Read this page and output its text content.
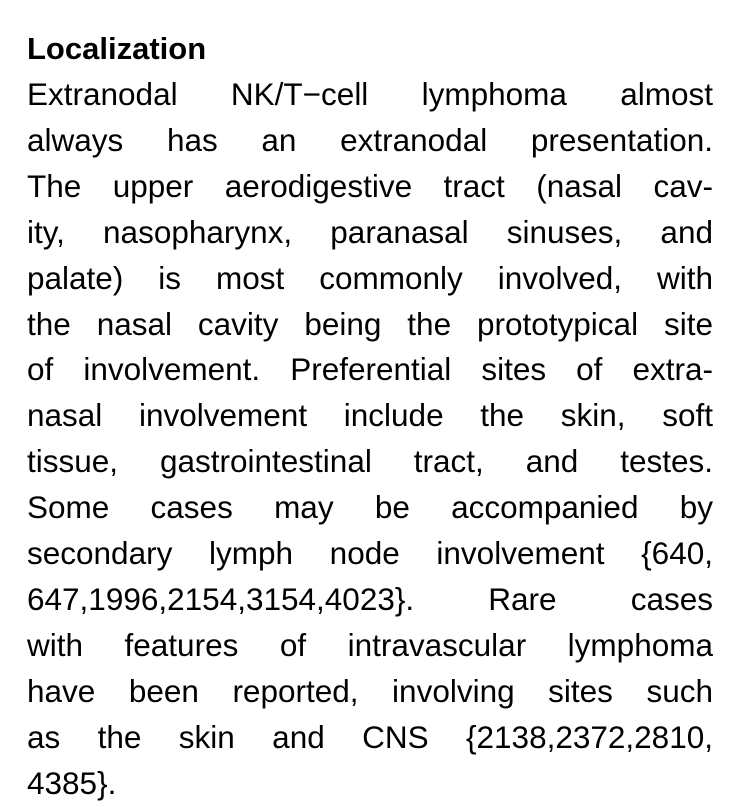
Localization
Extranodal NK/T−cell lymphoma almost
always has an extranodal presentation.
The upper aerodigestive tract (nasal cav-
ity, nasopharynx, paranasal sinuses, and
palate) is most commonly involved, with
the nasal cavity being the prototypical site
of involvement. Preferential sites of extra-
nasal involvement include the skin, soft
tissue, gastrointestinal tract, and testes.
Some cases may be accompanied by
secondary lymph node involvement {640,
647,1996,2154,3154,4023}. Rare cases
with features of intravascular lymphoma
have been reported, involving sites such
as the skin and CNS {2138,2372,2810,
4385}.
